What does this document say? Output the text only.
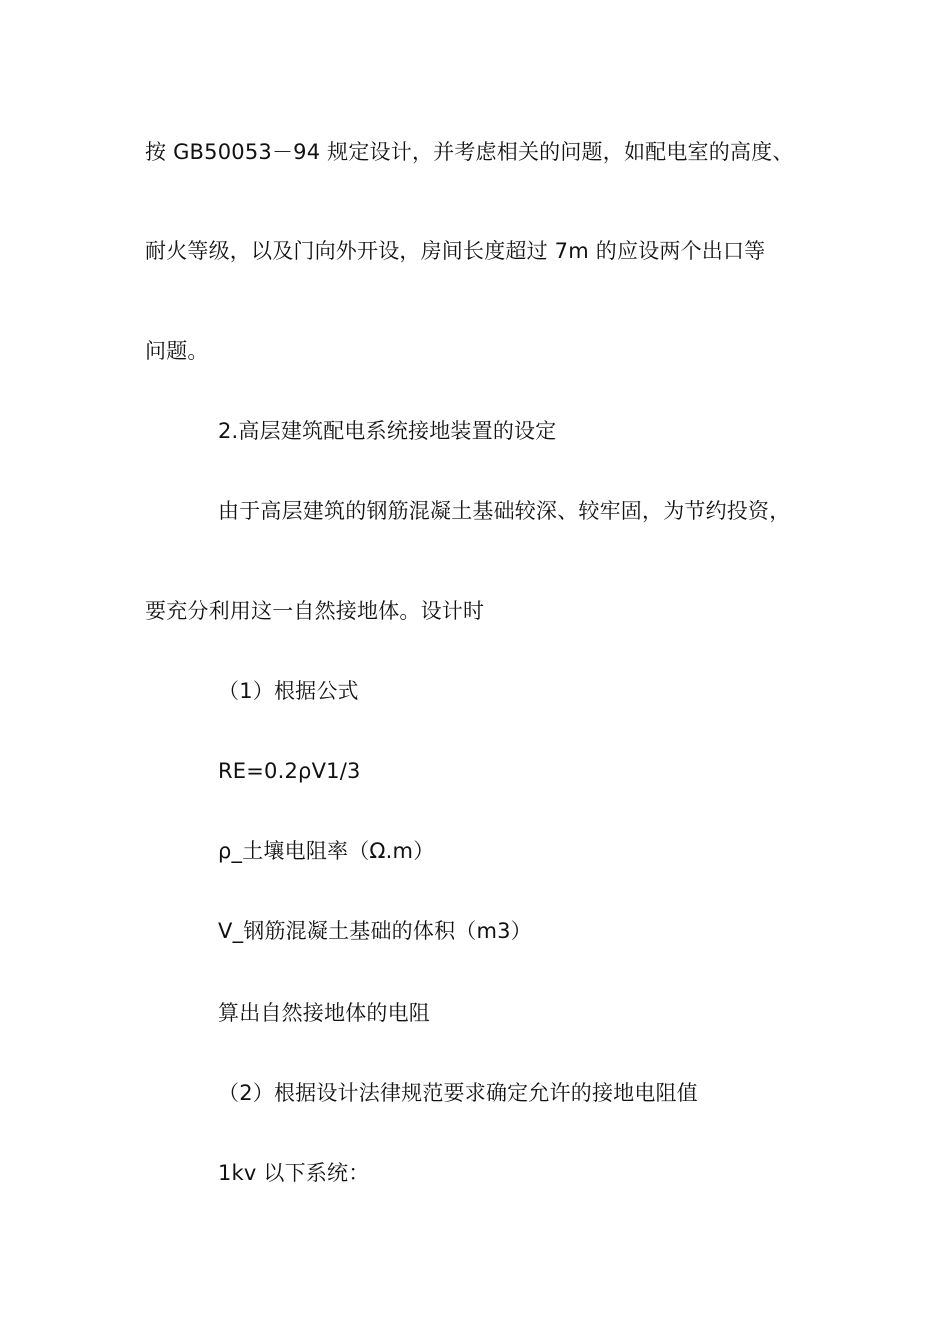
按 GB50053－94 规定设计，并考虑相关的问题，如配电室的高度、
耐火等级，以及门向外开设，房间长度超过 7m 的应设两个出口等
问题。
2.高层建筑配电系统接地装置的设定
由于高层建筑的钢筋混凝土基础较深、较牢固，为节约投资，
要充分利用这一自然接地体。设计时
（1）根据公式
RE=0.2ρV1/3
ρ_土壤电阻率（Ω.m）
V_钢筋混凝土基础的体积（m3）
算出自然接地体的电阻
（2）根据设计法律规范要求确定允许的接地电阻值
1kv 以下系统：
